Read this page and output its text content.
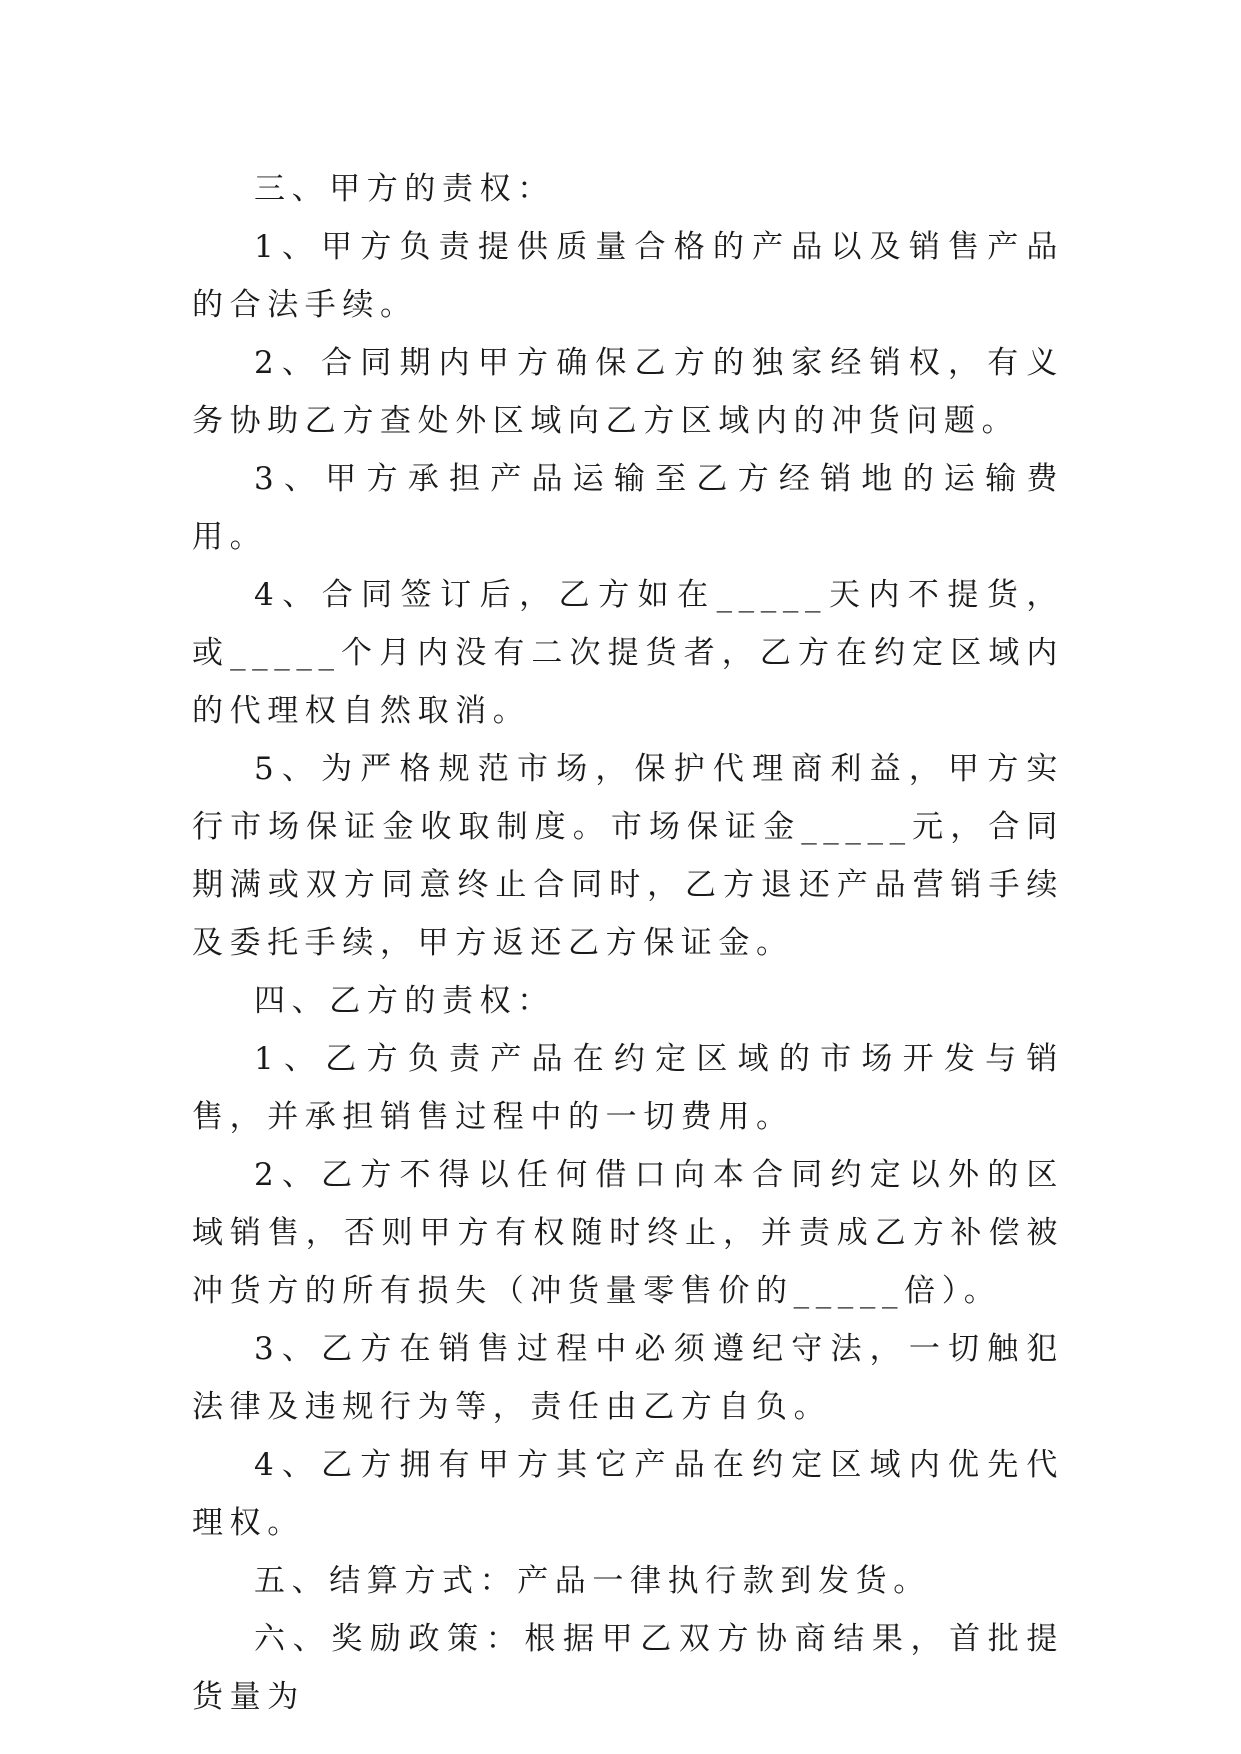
三、甲方的责权：

1、甲方负责提供质量合格的产品以及销售产品的合法手续。

2、合同期内甲方确保乙方的独家经销权，有义务协助乙方查处外区域向乙方区域内的冲货问题。

3、甲方承担产品运输至乙方经销地的运输费用。

4、合同签订后，乙方如在_____天内不提货，或_____个月内没有二次提货者，乙方在约定区域内的代理权自然取消。

5、为严格规范市场，保护代理商利益，甲方实行市场保证金收取制度。市场保证金_____元，合同期满或双方同意终止合同时，乙方退还产品营销手续及委托手续，甲方返还乙方保证金。

四、乙方的责权：

1、乙方负责产品在约定区域的市场开发与销售，并承担销售过程中的一切费用。

2、乙方不得以任何借口向本合同约定以外的区域销售，否则甲方有权随时终止，并责成乙方补偿被冲货方的所有损失（冲货量零售价的_____倍）。

3、乙方在销售过程中必须遵纪守法，一切触犯法律及违规行为等，责任由乙方自负。

4、乙方拥有甲方其它产品在约定区域内优先代理权。

五、结算方式：产品一律执行款到发货。

六、奖励政策：根据甲乙双方协商结果，首批提货量为
